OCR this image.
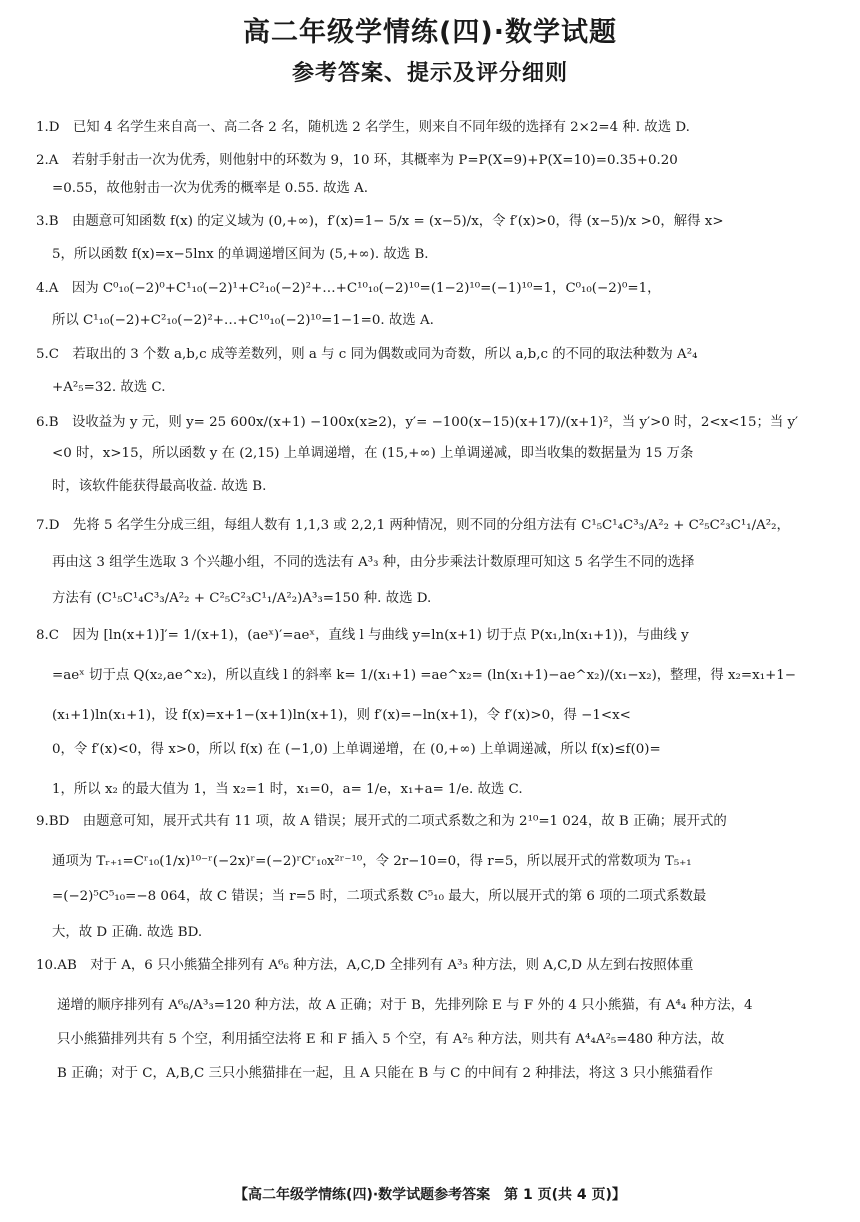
高二年级学情练(四)·数学试题
参考答案、提示及评分细则
1.D　已知 4 名学生来自高一、高二各 2 名，随机选 2 名学生，则来自不同年级的选择有 2×2=4 种. 故选 D.
2.A　若射手射击一次为优秀，则他射中的环数为 9，10 环，其概率为 P=P(X=9)+P(X=10)=0.35+0.20
=0.55，故他射击一次为优秀的概率是 0.55. 故选 A.
3.B　由题意可知函数 f(x) 的定义域为 (0,+∞)，f′(x)=1− 5/x = (x−5)/x，令 f′(x)>0，得 (x−5)/x >0，解得 x>
5，所以函数 f(x)=x−5lnx 的单调递增区间为 (5,+∞). 故选 B.
4.A　因为 C⁰₁₀(−2)⁰+C¹₁₀(−2)¹+C²₁₀(−2)²+…+C¹⁰₁₀(−2)¹⁰=(1−2)¹⁰=(−1)¹⁰=1，C⁰₁₀(−2)⁰=1，
所以 C¹₁₀(−2)+C²₁₀(−2)²+…+C¹⁰₁₀(−2)¹⁰=1−1=0. 故选 A.
5.C　若取出的 3 个数 a,b,c 成等差数列，则 a 与 c 同为偶数或同为奇数，所以 a,b,c 的不同的取法种数为 A²₄
+A²₅=32. 故选 C.
6.B　设收益为 y 元，则 y= 25 600x/(x+1) −100x(x≥2)，y′= −100(x−15)(x+17)/(x+1)²，当 y′>0 时，2<x<15；当 y′
<0 时，x>15，所以函数 y 在 (2,15) 上单调递增，在 (15,+∞) 上单调递减，即当收集的数据量为 15 万条
时，该软件能获得最高收益. 故选 B.
7.D　先将 5 名学生分成三组，每组人数有 1,1,3 或 2,2,1 两种情况，则不同的分组方法有 C¹₅C¹₄C³₃/A²₂ + C²₅C²₃C¹₁/A²₂，
再由这 3 组学生选取 3 个兴趣小组，不同的选法有 A³₃ 种，由分步乘法计数原理可知这 5 名学生不同的选择
方法有 (C¹₅C¹₄C³₃/A²₂ + C²₅C²₃C¹₁/A²₂)A³₃=150 种. 故选 D.
8.C　因为 [ln(x+1)]′= 1/(x+1)，(aeˣ)′=aeˣ，直线 l 与曲线 y=ln(x+1) 切于点 P(x₁,ln(x₁+1))，与曲线 y
=aeˣ 切于点 Q(x₂,ae^x₂)，所以直线 l 的斜率 k= 1/(x₁+1) =ae^x₂= (ln(x₁+1)−ae^x₂)/(x₁−x₂)，整理，得 x₂=x₁+1−
(x₁+1)ln(x₁+1)，设 f(x)=x+1−(x+1)ln(x+1)，则 f′(x)=−ln(x+1)，令 f′(x)>0，得 −1<x<
0，令 f′(x)<0，得 x>0，所以 f(x) 在 (−1,0) 上单调递增，在 (0,+∞) 上单调递减，所以 f(x)≤f(0)=
1，所以 x₂ 的最大值为 1，当 x₂=1 时，x₁=0，a= 1/e，x₁+a= 1/e. 故选 C.
9.BD　由题意可知，展开式共有 11 项，故 A 错误；展开式的二项式系数之和为 2¹⁰=1 024，故 B 正确；展开式的
通项为 Tᵣ₊₁=Cʳ₁₀(1/x)¹⁰⁻ʳ(−2x)ʳ=(−2)ʳCʳ₁₀x²ʳ⁻¹⁰，令 2r−10=0，得 r=5，所以展开式的常数项为 T₅₊₁
=(−2)⁵C⁵₁₀=−8 064，故 C 错误；当 r=5 时，二项式系数 C⁵₁₀ 最大，所以展开式的第 6 项的二项式系数最
大，故 D 正确. 故选 BD.
10.AB　对于 A，6 只小熊猫全排列有 A⁶₆ 种方法，A,C,D 全排列有 A³₃ 种方法，则 A,C,D 从左到右按照体重
递增的顺序排列有 A⁶₆/A³₃=120 种方法，故 A 正确；对于 B，先排列除 E 与 F 外的 4 只小熊猫，有 A⁴₄ 种方法，4
只小熊猫排列共有 5 个空，利用插空法将 E 和 F 插入 5 个空，有 A²₅ 种方法，则共有 A⁴₄A²₅=480 种方法，故
B 正确；对于 C，A,B,C 三只小熊猫排在一起，且 A 只能在 B 与 C 的中间有 2 种排法，将这 3 只小熊猫看作
【高二年级学情练(四)·数学试题参考答案　第 1 页(共 4 页)】
